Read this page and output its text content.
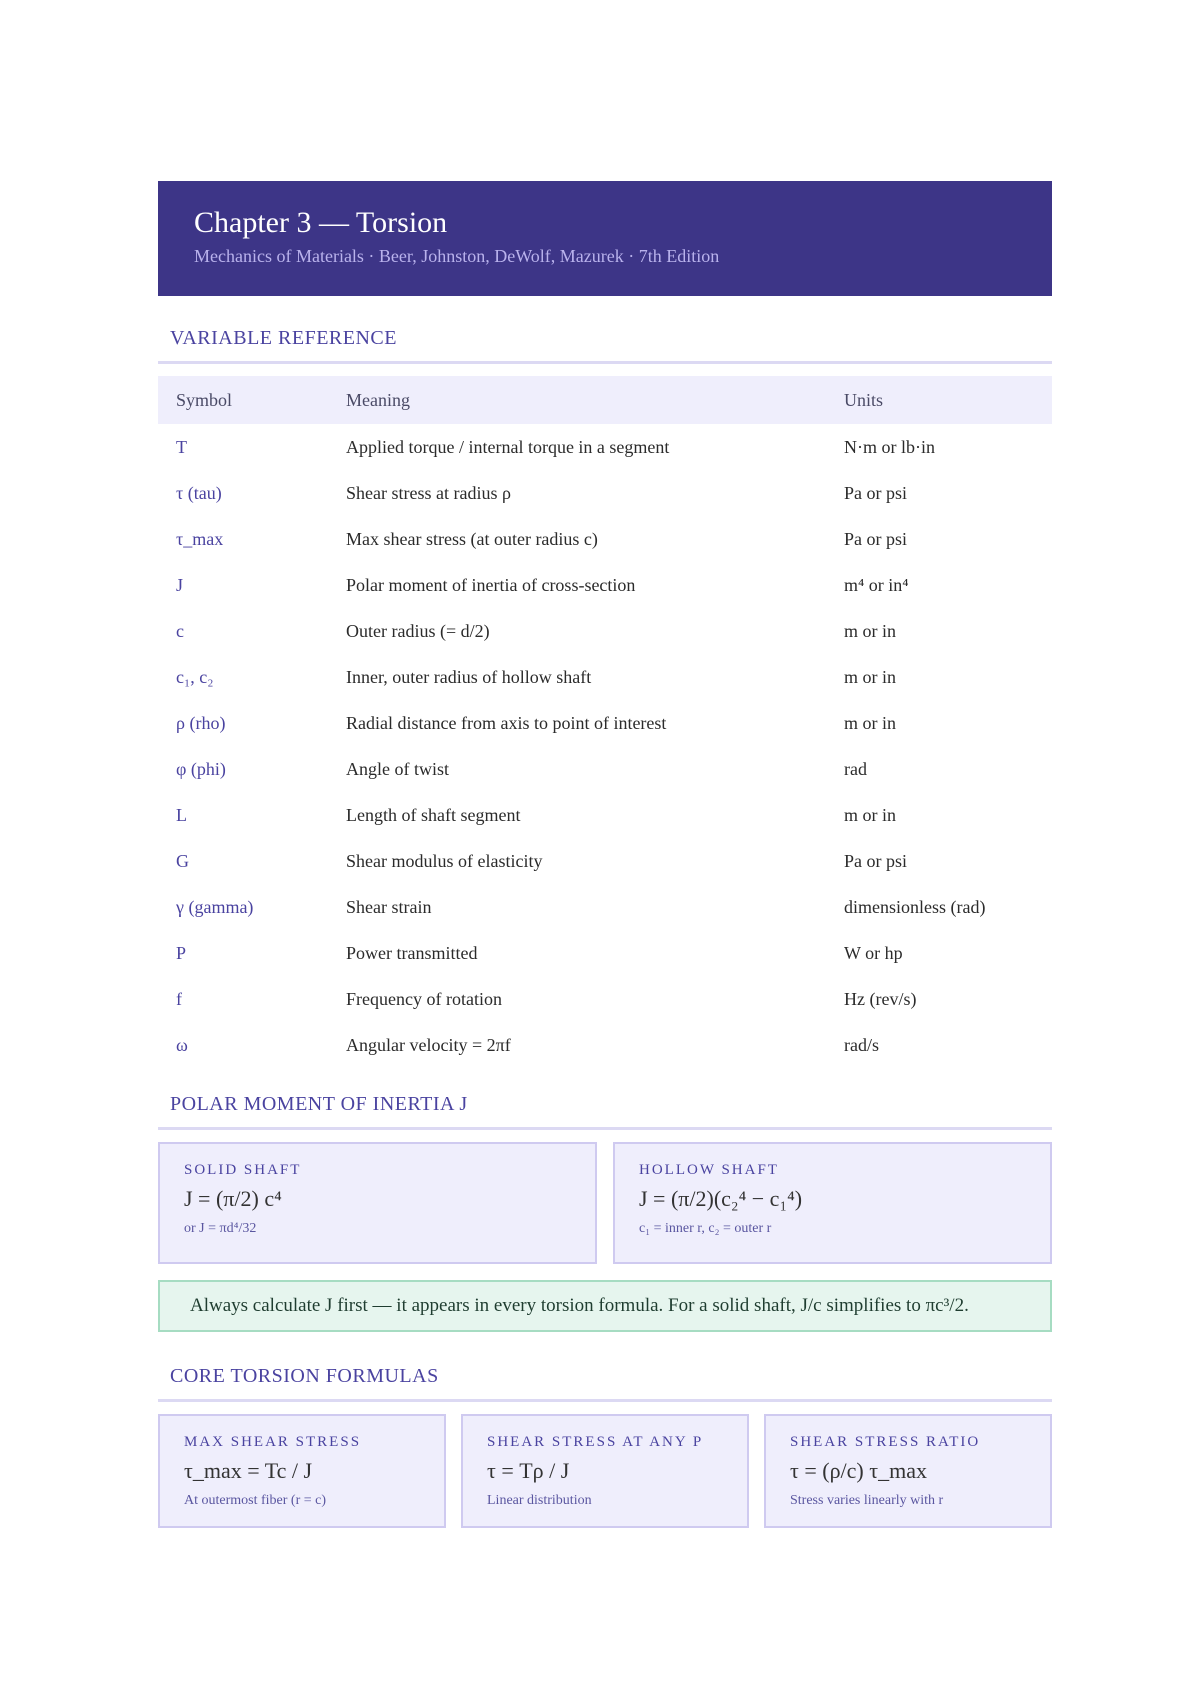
Chapter 3 — Torsion
Mechanics of Materials · Beer, Johnston, DeWolf, Mazurek · 7th Edition
VARIABLE REFERENCE
Symbol	Meaning	Units
T	Applied torque / internal torque in a segment	N·m or lb·in
τ (tau)	Shear stress at radius ρ	Pa or psi
τ_max	Max shear stress (at outer radius c)	Pa or psi
J	Polar moment of inertia of cross-section	m⁴ or in⁴
c	Outer radius (= d/2)	m or in
c₁, c₂	Inner, outer radius of hollow shaft	m or in
ρ (rho)	Radial distance from axis to point of interest	m or in
φ (phi)	Angle of twist	rad
L	Length of shaft segment	m or in
G	Shear modulus of elasticity	Pa or psi
γ (gamma)	Shear strain	dimensionless (rad)
P	Power transmitted	W or hp
f	Frequency of rotation	Hz (rev/s)
ω	Angular velocity = 2πf	rad/s
POLAR MOMENT OF INERTIA J
SOLID SHAFT
J = (π/2) c⁴
or J = πd⁴/32
HOLLOW SHAFT
J = (π/2)(c₂⁴ − c₁⁴)
c₁ = inner r, c₂ = outer r
Always calculate J first — it appears in every torsion formula. For a solid shaft, J/c simplifies to πc³/2.
CORE TORSION FORMULAS
MAX SHEAR STRESS
τ_max = Tc / J
At outermost fiber (r = c)
SHEAR STRESS AT ANY P
τ = Tρ / J
Linear distribution
SHEAR STRESS RATIO
τ = (ρ/c) τ_max
Stress varies linearly with r
